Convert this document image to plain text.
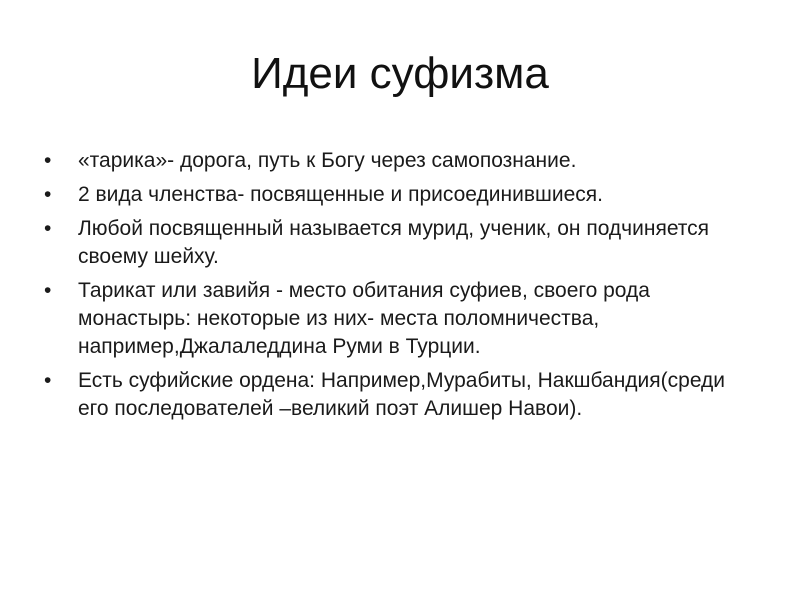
Идеи суфизма
• «тарика»- дорога, путь к Богу через самопознание.
• 2 вида членства- посвященные и присоединившиеся.
• Любой посвященный называется мурид, ученик, он подчиняется своему шейху.
• Тарикат или завийя - место обитания суфиев, своего рода монастырь: некоторые из них- места поломничества, например,Джалаледдина Руми в Турции.
• Есть суфийские ордена: Например,Мурабиты, Накшбандия(среди его последователей –великий поэт Алишер Навои).
